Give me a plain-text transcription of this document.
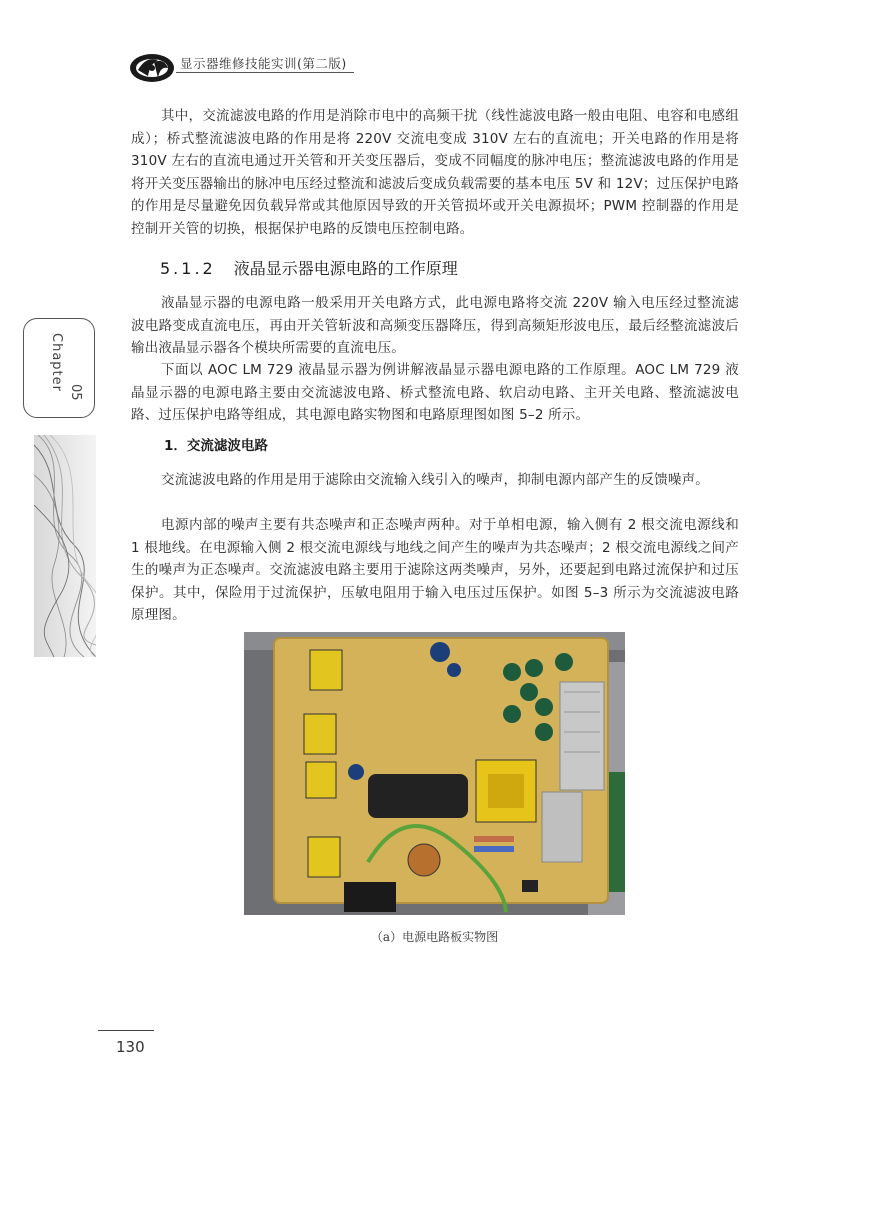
显示器维修技能实训(第二版)
Chapter
05

其中，交流滤波电路的作用是消除市电中的高频干扰（线性滤波电路一般由电阻、电容和电感组成）；桥式整流滤波电路的作用是将 220V 交流电变成 310V 左右的直流电；开关电路的作用是将 310V 左右的直流电通过开关管和开关变压器后，变成不同幅度的脉冲电压；整流滤波电路的作用是将开关变压器输出的脉冲电压经过整流和滤波后变成负载需要的基本电压 5V 和 12V；过压保护电路的作用是尽量避免因负载异常或其他原因导致的开关管损坏或开关电源损坏；PWM 控制器的作用是控制开关管的切换，根据保护电路的反馈电压控制电路。

5.1.2 液晶显示器电源电路的工作原理

液晶显示器的电源电路一般采用开关电路方式，此电源电路将交流 220V 输入电压经过整流滤波电路变成直流电压，再由开关管斩波和高频变压器降压，得到高频矩形波电压，最后经整流滤波后输出液晶显示器各个模块所需要的直流电压。

下面以 AOC LM 729 液晶显示器为例讲解液晶显示器电源电路的工作原理。AOC LM 729 液晶显示器的电源电路主要由交流滤波电路、桥式整流电路、软启动电路、主开关电路、整流滤波电路、过压保护电路等组成，其电源电路实物图和电路原理图如图 5–2 所示。

1．交流滤波电路

交流滤波电路的作用是用于滤除由交流输入线引入的噪声，抑制电源内部产生的反馈噪声。

电源内部的噪声主要有共态噪声和正态噪声两种。对于单相电源，输入侧有 2 根交流电源线和 1 根地线。在电源输入侧 2 根交流电源线与地线之间产生的噪声为共态噪声；2 根交流电源线之间产生的噪声为正态噪声。交流滤波电路主要用于滤除这两类噪声，另外，还要起到电路过流保护和过压保护。其中，保险用于过流保护，压敏电阻用于输入电压过压保护。如图 5–3 所示为交流滤波电路原理图。

（a）电源电路板实物图
130
